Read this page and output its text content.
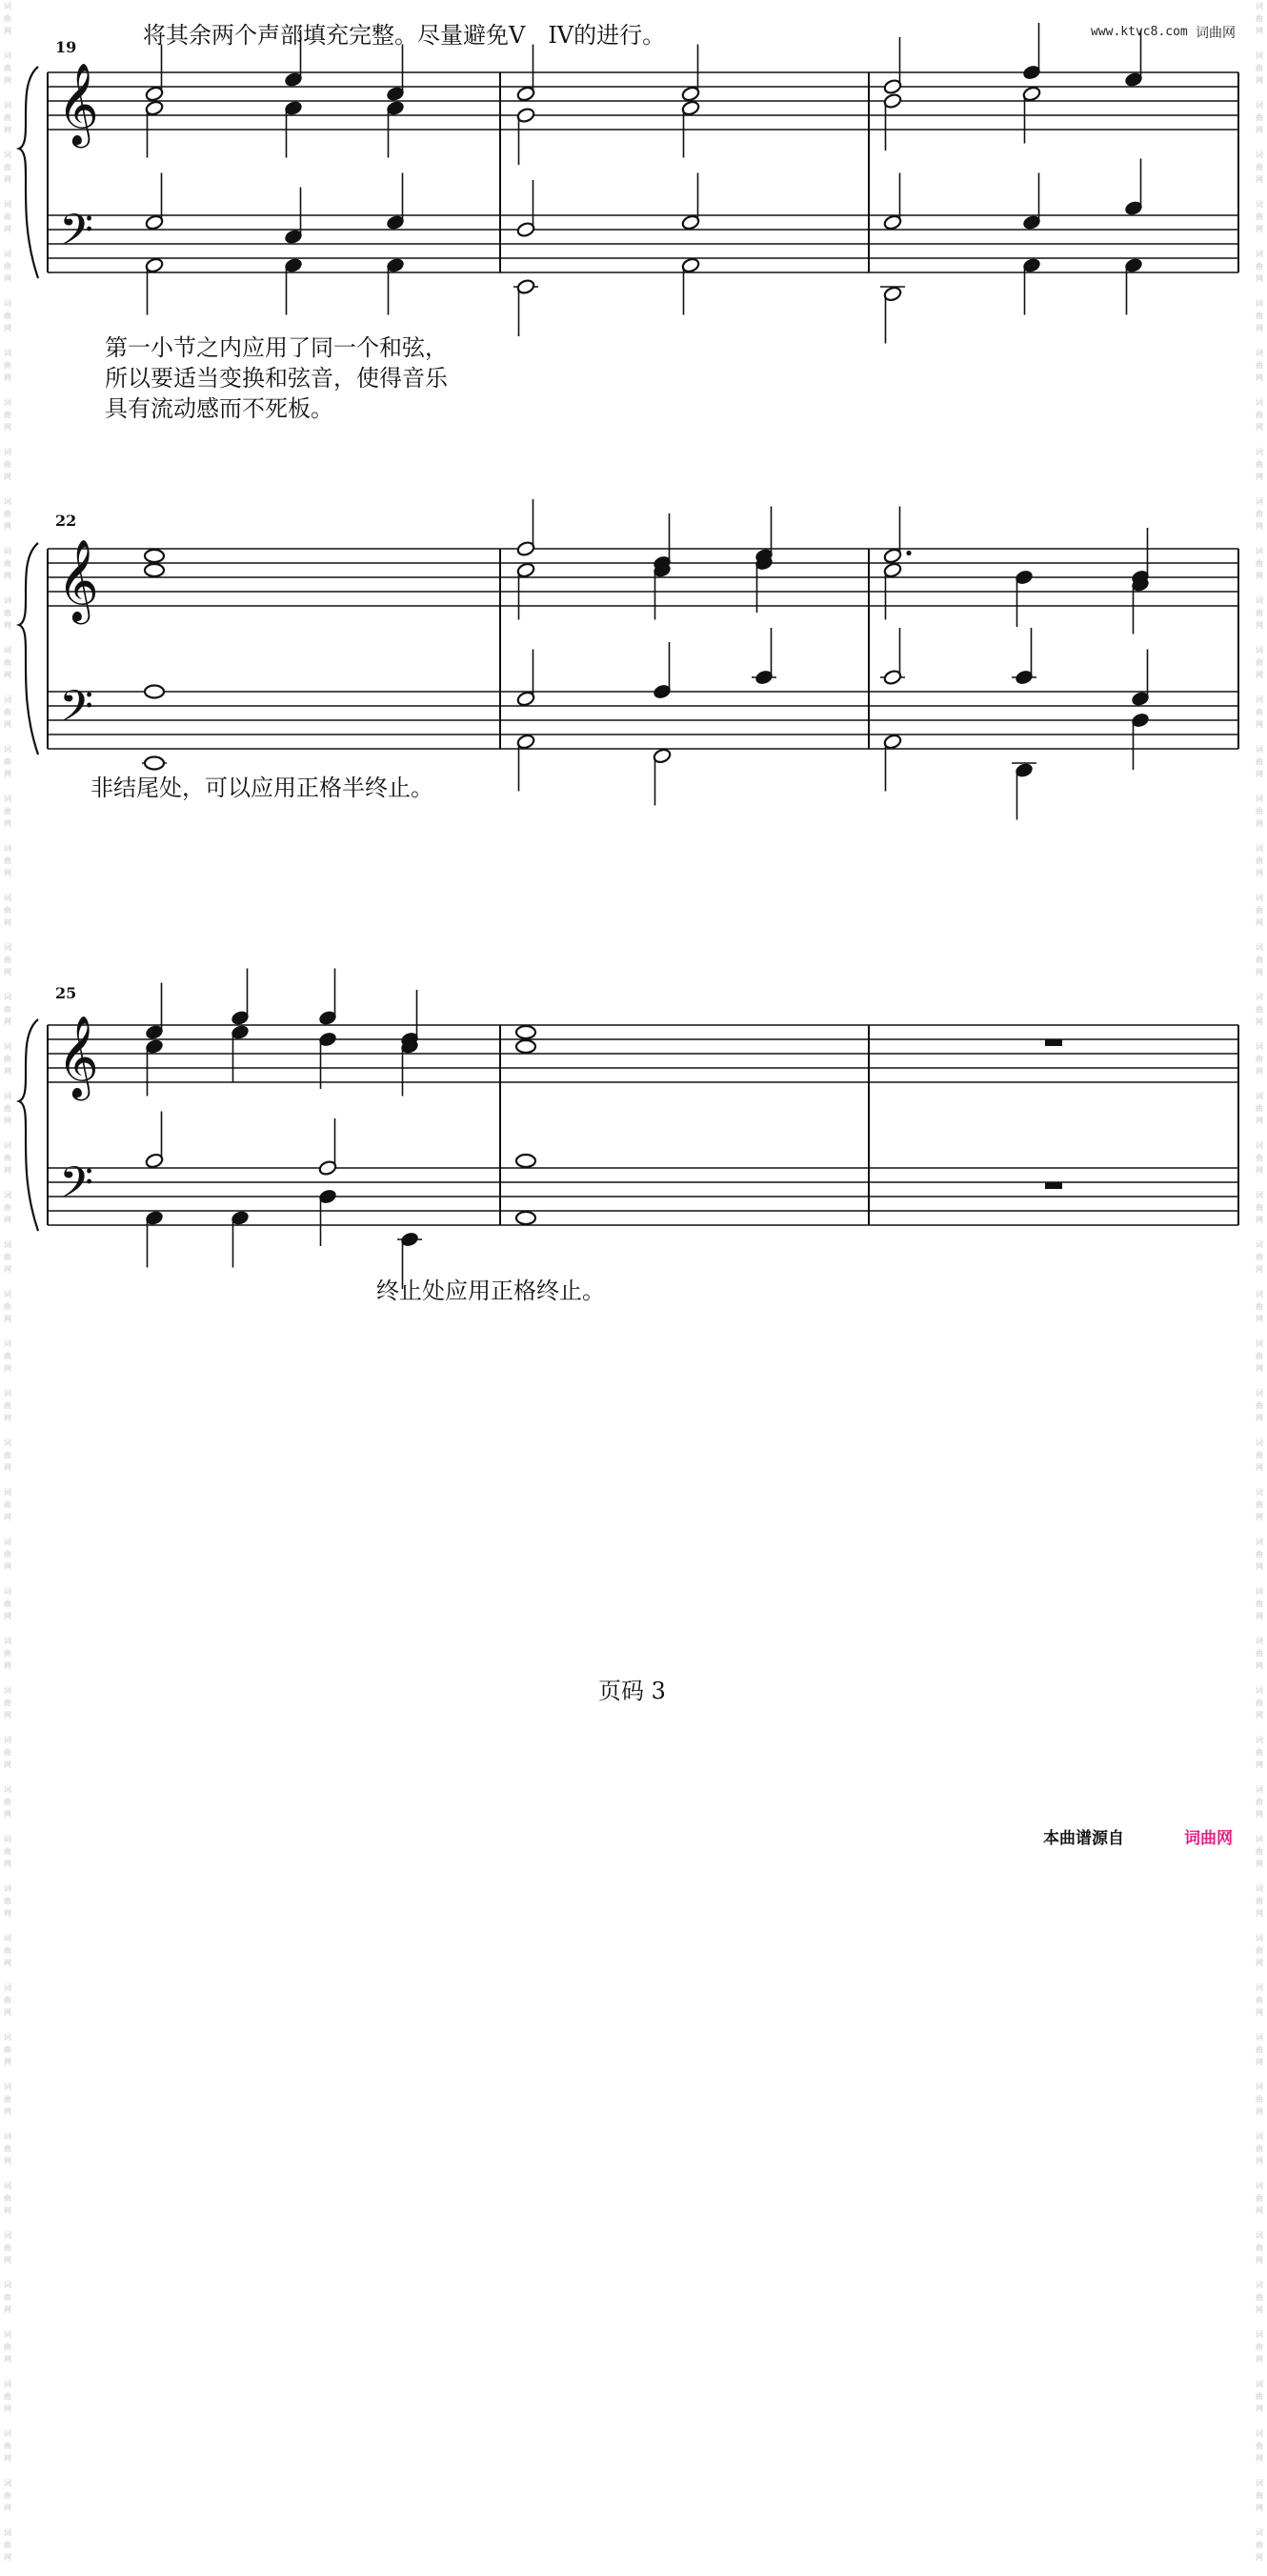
词
曲
网

词
曲
网

词
曲
网

词
曲
网

词
曲
网

词
曲
网

词
曲
网

词
曲
网

词
曲
网

词
曲
网

词
曲
网

词
曲
网

词
曲
网

词
曲
网

词
曲
网

词
曲
网

词
曲
网

词
曲
网

词
曲
网

词
曲
网

词
曲
网

词
曲
网

词
曲
网

词
曲
网

词
曲
网

词
曲
网

词
曲
网

词
曲
网

词
曲
网

词
曲
网

词
曲
网

词
曲
网

词
曲
网

词
曲
网

词
曲
网

词
曲
网

词
曲
网

词
曲
网

词
曲
网

词
曲
网

词
曲
网

词
曲
网

词
曲
网

词
曲
网

词
曲
网

词
曲
网

词
曲
网

词
曲
网

词
曲
网

词
曲
网

词
曲
网

词
曲
网

词
曲
网

词
曲
网

词
曲
网

词
曲
网

词
曲
网

词
曲
网

词
曲
网

词
曲
网

词
曲
网

词
曲
网

词
曲
网

词
曲
网

词
曲
网

词
曲
网

词
曲
网

词
曲
网

词
曲
网

词
曲
网

词
曲
网

词
曲
网

词
曲
网

词
曲
网

词
曲
网

词
曲
网

词
曲
网

词
曲
网

词
曲
网

词
曲
网

词
曲
网

词
曲
网

词
曲
网

词
曲
网

词
曲
网

词
曲
网

词
曲
网

词
曲
网

词
曲
网

词
曲
网

词
曲
网

词
曲
网

词
曲
网

词
曲
网

词
曲
网

词
曲
网

词
曲
网

词
曲
网

词
曲
网

词
曲
网

词
曲
网

词
曲
网

词
曲
网

词
曲
网

www.ktvc8.com 词曲网
将其余两个声部填充完整。尽量避免V　IV的进行。
19
𝄞
𝄢
第一小节之内应用了同一个和弦，
所以要适当变换和弦音，使得音乐
具有流动感而不死板。
22
𝄞
𝄢
非结尾处，可以应用正格半终止。
25
𝄞
𝄢
终止处应用正格终止。
页码 3
本曲谱源自	词曲网
